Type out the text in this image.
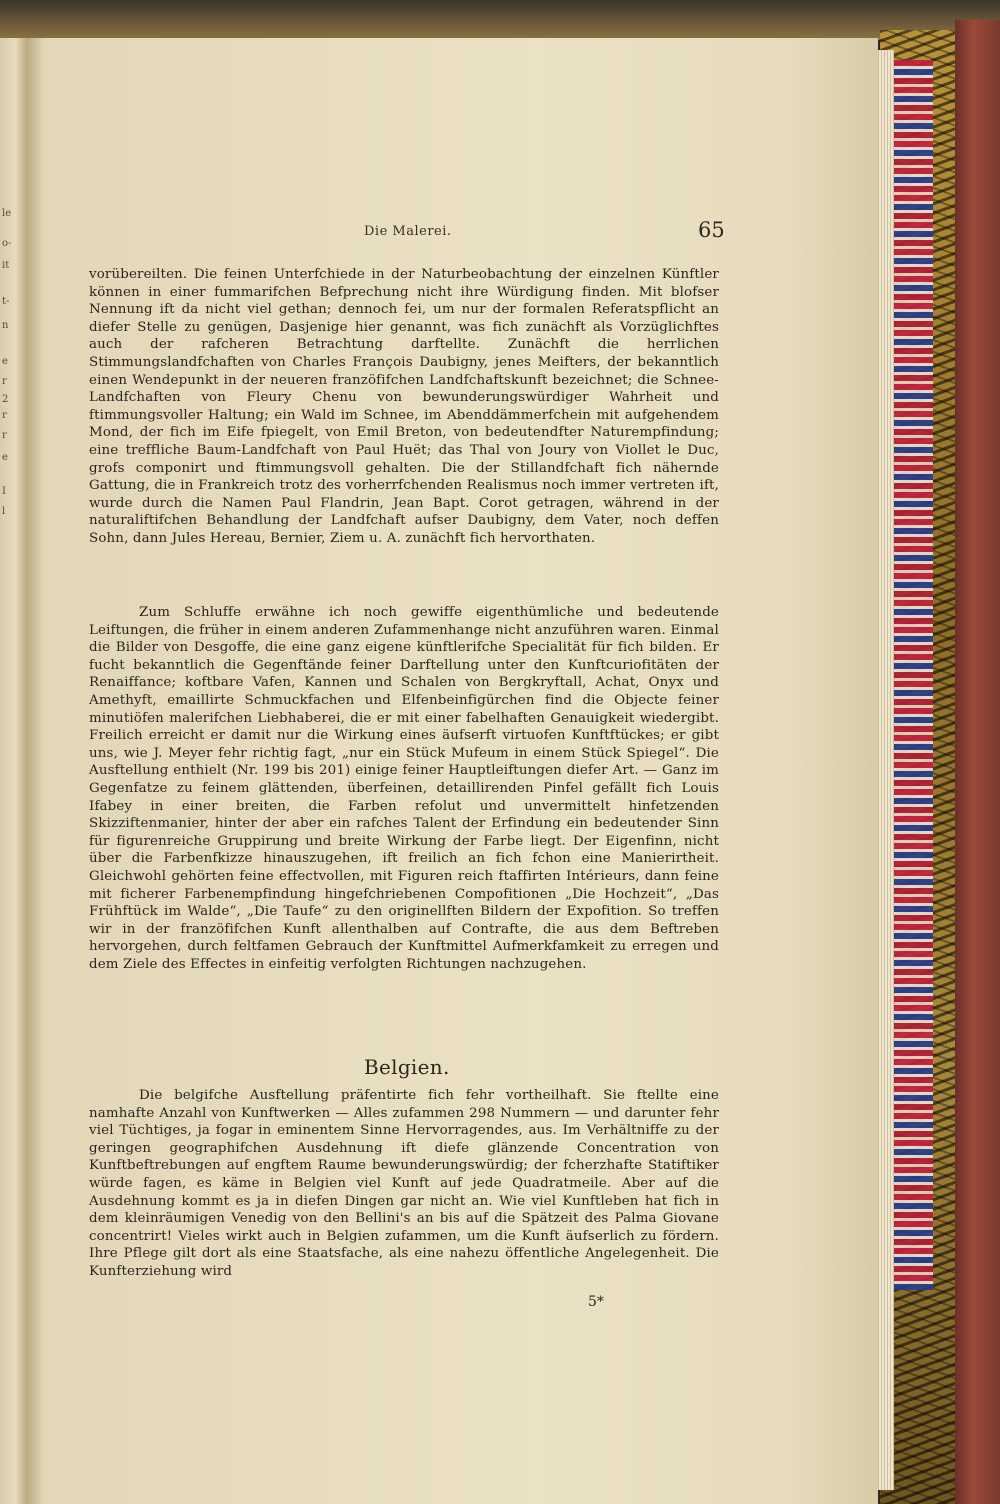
le
o-
it
t-
n
e
r
2
r
r
e
I
l
Die Malerei.	65

vorübereilten. Die feinen Unterfchiede in der Naturbeobachtung der einzelnen Künftler können in einer fummarifchen Befprechung nicht ihre Würdigung finden. Mit blofser Nennung ift da nicht viel gethan; dennoch fei, um nur der formalen Referatspflicht an diefer Stelle zu genügen, Dasjenige hier genannt, was fich zunächft als Vorzüglichftes auch der rafcheren Betrachtung darftellte. Zunächft die herrlichen Stimmungslandfchaften von Charles François Daubigny, jenes Meifters, der bekanntlich einen Wendepunkt in der neueren franzöfifchen Landfchaftskunft bezeichnet; die Schnee-Landfchaften von Fleury Chenu von bewunderungswürdiger Wahrheit und ftimmungsvoller Haltung; ein Wald im Schnee, im Abenddämmerfchein mit aufgehendem Mond, der fich im Eife fpiegelt, von Emil Breton, von bedeutendfter Naturempfindung; eine treffliche Baum-Landfchaft von Paul Huët; das Thal von Joury von Viollet le Duc, grofs componirt und ftimmungsvoll gehalten. Die der Stillandfchaft fich nähernde Gattung, die in Frankreich trotz des vorherrfchenden Realismus noch immer vertreten ift, wurde durch die Namen Paul Flandrin, Jean Bapt. Corot getragen, während in der naturaliftifchen Behandlung der Landfchaft aufser Daubigny, dem Vater, noch deffen Sohn, dann Jules Hereau, Bernier, Ziem u. A. zunächft fich hervorthaten.

Zum Schluffe erwähne ich noch gewiffe eigenthümliche und bedeutende Leiftungen, die früher in einem anderen Zufammenhange nicht anzuführen waren. Einmal die Bilder von Desgoffe, die eine ganz eigene künftlerifche Specialität für fich bilden. Er fucht bekanntlich die Gegenftände feiner Darftellung unter den Kunftcuriofitäten der Renaiffance; koftbare Vafen, Kannen und Schalen von Bergkryftall, Achat, Onyx und Amethyft, emaillirte Schmuckfachen und Elfenbeinfigürchen find die Objecte feiner minutiöfen malerifchen Liebhaberei, die er mit einer fabelhaften Genauigkeit wiedergibt. Freilich erreicht er damit nur die Wirkung eines äufserft virtuofen Kunftftückes; er gibt uns, wie J. Meyer fehr richtig fagt, „nur ein Stück Mufeum in einem Stück Spiegel“. Die Ausftellung enthielt (Nr. 199 bis 201) einige feiner Hauptleiftungen diefer Art. — Ganz im Gegenfatze zu feinem glättenden, überfeinen, detaillirenden Pinfel gefällt fich Louis Ifabey in einer breiten, die Farben refolut und unvermittelt hinfetzenden Skizziftenmanier, hinter der aber ein rafches Talent der Erfindung ein bedeutender Sinn für figurenreiche Gruppirung und breite Wirkung der Farbe liegt. Der Eigenfinn, nicht über die Farbenfkizze hinauszugehen, ift freilich an fich fchon eine Manierirtheit. Gleichwohl gehörten feine effectvollen, mit Figuren reich ftaffirten Intérieurs, dann feine mit ficherer Farbenempfindung hingefchriebenen Compofitionen „Die Hochzeit“, „Das Frühftück im Walde“, „Die Taufe“ zu den originellften Bildern der Expofition. So treffen wir in der franzöfifchen Kunft allenthalben auf Contrafte, die aus dem Beftreben hervorgehen, durch feltfamen Gebrauch der Kunftmittel Aufmerkfamkeit zu erregen und dem Ziele des Effectes in einfeitig verfolgten Richtungen nachzugehen.

Belgien.

Die belgifche Ausftellung präfentirte fich fehr vortheilhaft. Sie ftellte eine namhafte Anzahl von Kunftwerken — Alles zufammen 298 Nummern — und darunter fehr viel Tüchtiges, ja fogar in eminentem Sinne Hervorragendes, aus. Im Verhältniffe zu der geringen geographifchen Ausdehnung ift diefe glänzende Concentration von Kunftbeftrebungen auf engftem Raume bewunderungswürdig; der fcherzhafte Statiftiker würde fagen, es käme in Belgien viel Kunft auf jede Quadratmeile. Aber auf die Ausdehnung kommt es ja in diefen Dingen gar nicht an. Wie viel Kunftleben hat fich in dem kleinräumigen Venedig von den Bellini's an bis auf die Spätzeit des Palma Giovane concentrirt! Vieles wirkt auch in Belgien zufammen, um die Kunft äufserlich zu fördern. Ihre Pflege gilt dort als eine Staatsfache, als eine nahezu öffentliche Angelegenheit. Die Kunfterziehung wird

5*
